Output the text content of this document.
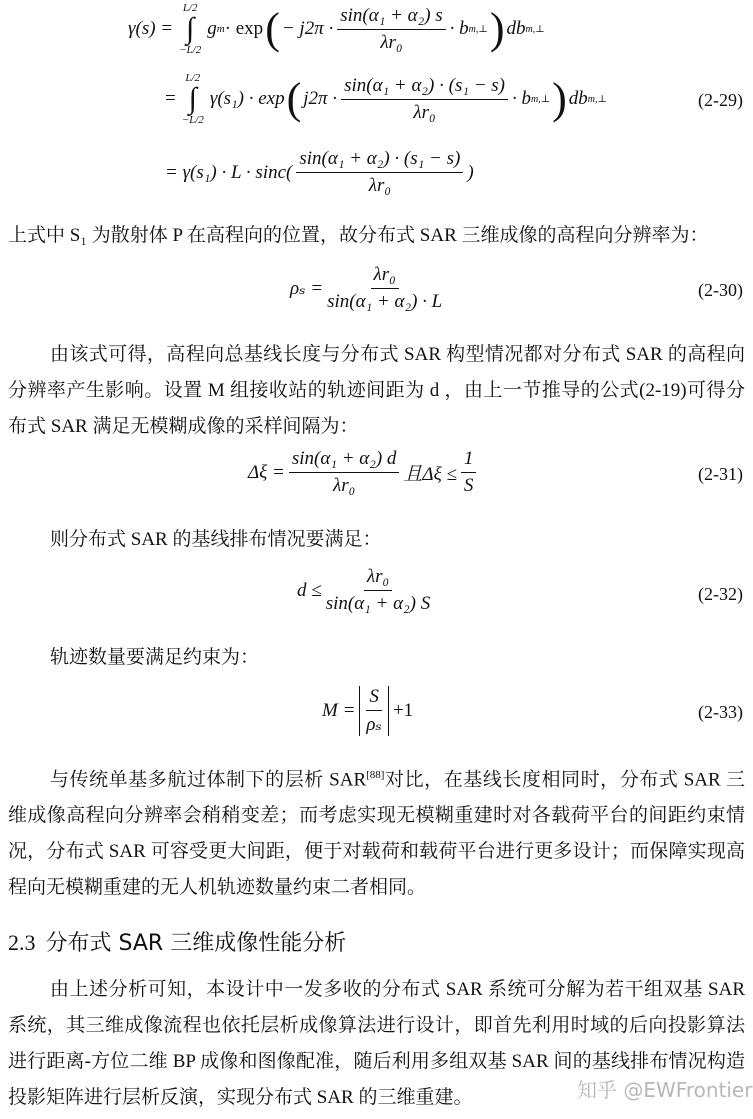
γ(s) =
L/2
∫
−L/2
g m · exp ( − $j2\pi \cdot \frac{\text{sin(α₁ + α₂) s}}{\text{λr₀}} \cdot b$ m,⊥ ) db m,⊥
=
L/2
∫
−L/2
γ(s₁) · exp ( $j2\pi \cdot \frac{\text{sin(α₁ + α₂) · (s₁ − s)}}{\text{λr₀}} \cdot b$ m,⊥ ) db m,⊥	(2-29)
= $\gamma(s_1) \cdot L \cdot \sin c( \frac{\text{sin(α₁ + α₂) · (s₁ − s)}}{\text{λr₀}}$ )
上式中 S₁ 为散射体 P 在高程向的位置，故分布式 SAR 三维成像的高程向分辨率为：
$\rho_s = \frac{\text{λr₀}}{\text{sin(α₁ + α₂) · L}}$	(2-30)
由该式可得，高程向总基线长度与分布式 SAR 构型情况都对分布式 SAR 的高程向分辨率产生影响。设置 M 组接收站的轨迹间距为 d ，由上一节推导的公式(2-19)可得分布式 SAR 满足无模糊成像的采样间隔为：
$\Delta\xi = \frac{\text{sin(α₁ + α₂) d}}{\text{λr₀}}$ 且$\Delta\xi \le \frac{1}{S}$	(2-31)
则分布式 SAR 的基线排布情况要满足：
$d \le \frac{\text{λr₀}}{\text{sin(α₁ + α₂) S}}$	(2-32)
轨迹数量要满足约束为：
$M = \frac{S}{\text{ρₛ}} +1$	(2-33)
与传统单基多航过体制下的层析 SAR[88]对比，在基线长度相同时，分布式 SAR 三维成像高程向分辨率会稍稍变差；而考虑实现无模糊重建时对各载荷平台的间距约束情况，分布式 SAR 可容受更大间距，便于对载荷和载荷平台进行更多设计；而保障实现高程向无模糊重建的无人机轨迹数量约束二者相同。
2.3 分布式 SAR 三维成像性能分析
由上述分析可知，本设计中一发多收的分布式 SAR 系统可分解为若干组双基 SAR 系统，其三维成像流程也依托层析成像算法进行设计，即首先利用时域的后向投影算法进行距离-方位二维 BP 成像和图像配准，随后利用多组双基 SAR 间的基线排布情况构造投影矩阵进行层析反演，实现分布式 SAR 的三维重建。	知乎 @EWFrontier
